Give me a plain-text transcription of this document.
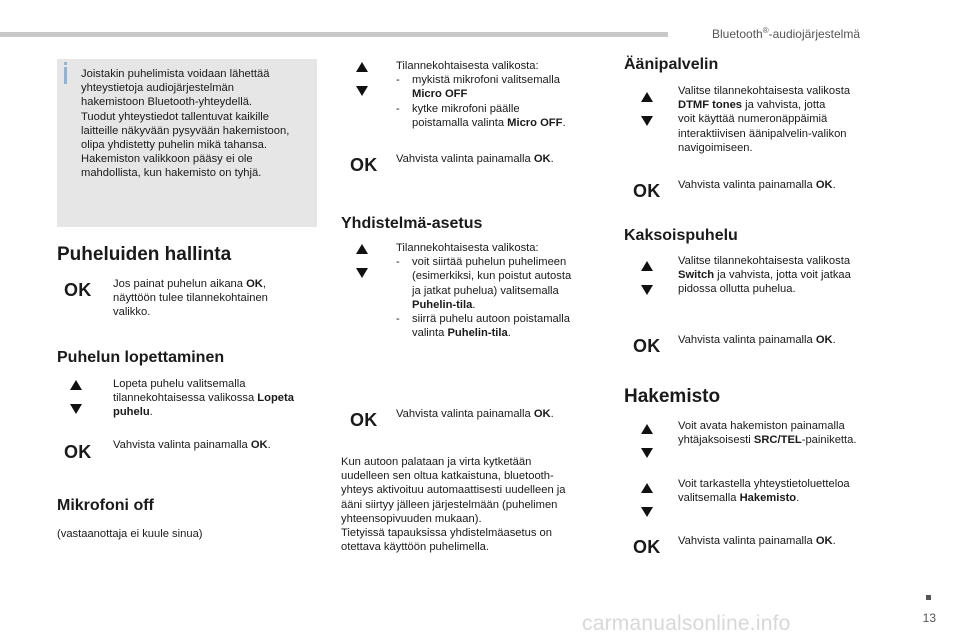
Bluetooth®-audiojärjestelmä
Joistakin puhelimista voidaan lähettää
yhteystietoja audiojärjestelmän
hakemistoon Bluetooth-yhteydellä.
Tuodut yhteystiedot tallentuvat kaikille
laitteille näkyvään pysyvään hakemistoon,
olipa yhdistetty puhelin mikä tahansa.
Hakemiston valikkoon pääsy ei ole
mahdollista, kun hakemisto on tyhjä.
Puheluiden hallinta
OK Jos painat puhelun aikana OK,
näyttöön tulee tilannekohtainen
valikko.
Puhelun lopettaminen
Lopeta puhelu valitsemalla
tilannekohtaisessa valikossa Lopeta
puhelu.
OK Vahvista valinta painamalla OK.
Mikrofoni off
(vastaanottaja ei kuule sinua)
Tilannekohtaisesta valikosta:
- mykistä mikrofoni valitsemalla
Micro OFF
- kytke mikrofoni päälle
poistamalla valinta Micro OFF.
OK Vahvista valinta painamalla OK.
Yhdistelmä-asetus
Tilannekohtaisesta valikosta:
- voit siirtää puhelun puhelimeen
(esimerkiksi, kun poistut autosta
ja jatkat puhelua) valitsemalla
Puhelin-tila.
- siirrä puhelu autoon poistamalla
valinta Puhelin-tila.
OK Vahvista valinta painamalla OK.
Kun autoon palataan ja virta kytketään
uudelleen sen oltua katkaistuna, bluetooth-
yhteys aktivoituu automaattisesti uudelleen ja
ääni siirtyy jälleen järjestelmään (puhelimen
yhteensopivuuden mukaan).
Tietyissä tapauksissa yhdistelmäasetus on
otettava käyttöön puhelimella.
Äänipalvelin
Valitse tilannekohtaisesta valikosta
DTMF tones ja vahvista, jotta
voit käyttää numeronäppäimiä
interaktiivisen äänipalvelin-valikon
navigoimiseen.
OK Vahvista valinta painamalla OK.
Kaksoispuhelu
Valitse tilannekohtaisesta valikosta
Switch ja vahvista, jotta voit jatkaa
pidossa ollutta puhelua.
OK Vahvista valinta painamalla OK.
Hakemisto
Voit avata hakemiston painamalla
yhtäjaksoisesti SRC/TEL-painiketta.
Voit tarkastella yhteystietoluetteloa
valitsemalla Hakemisto.
OK Vahvista valinta painamalla OK.
carmanualsonline.info	13
